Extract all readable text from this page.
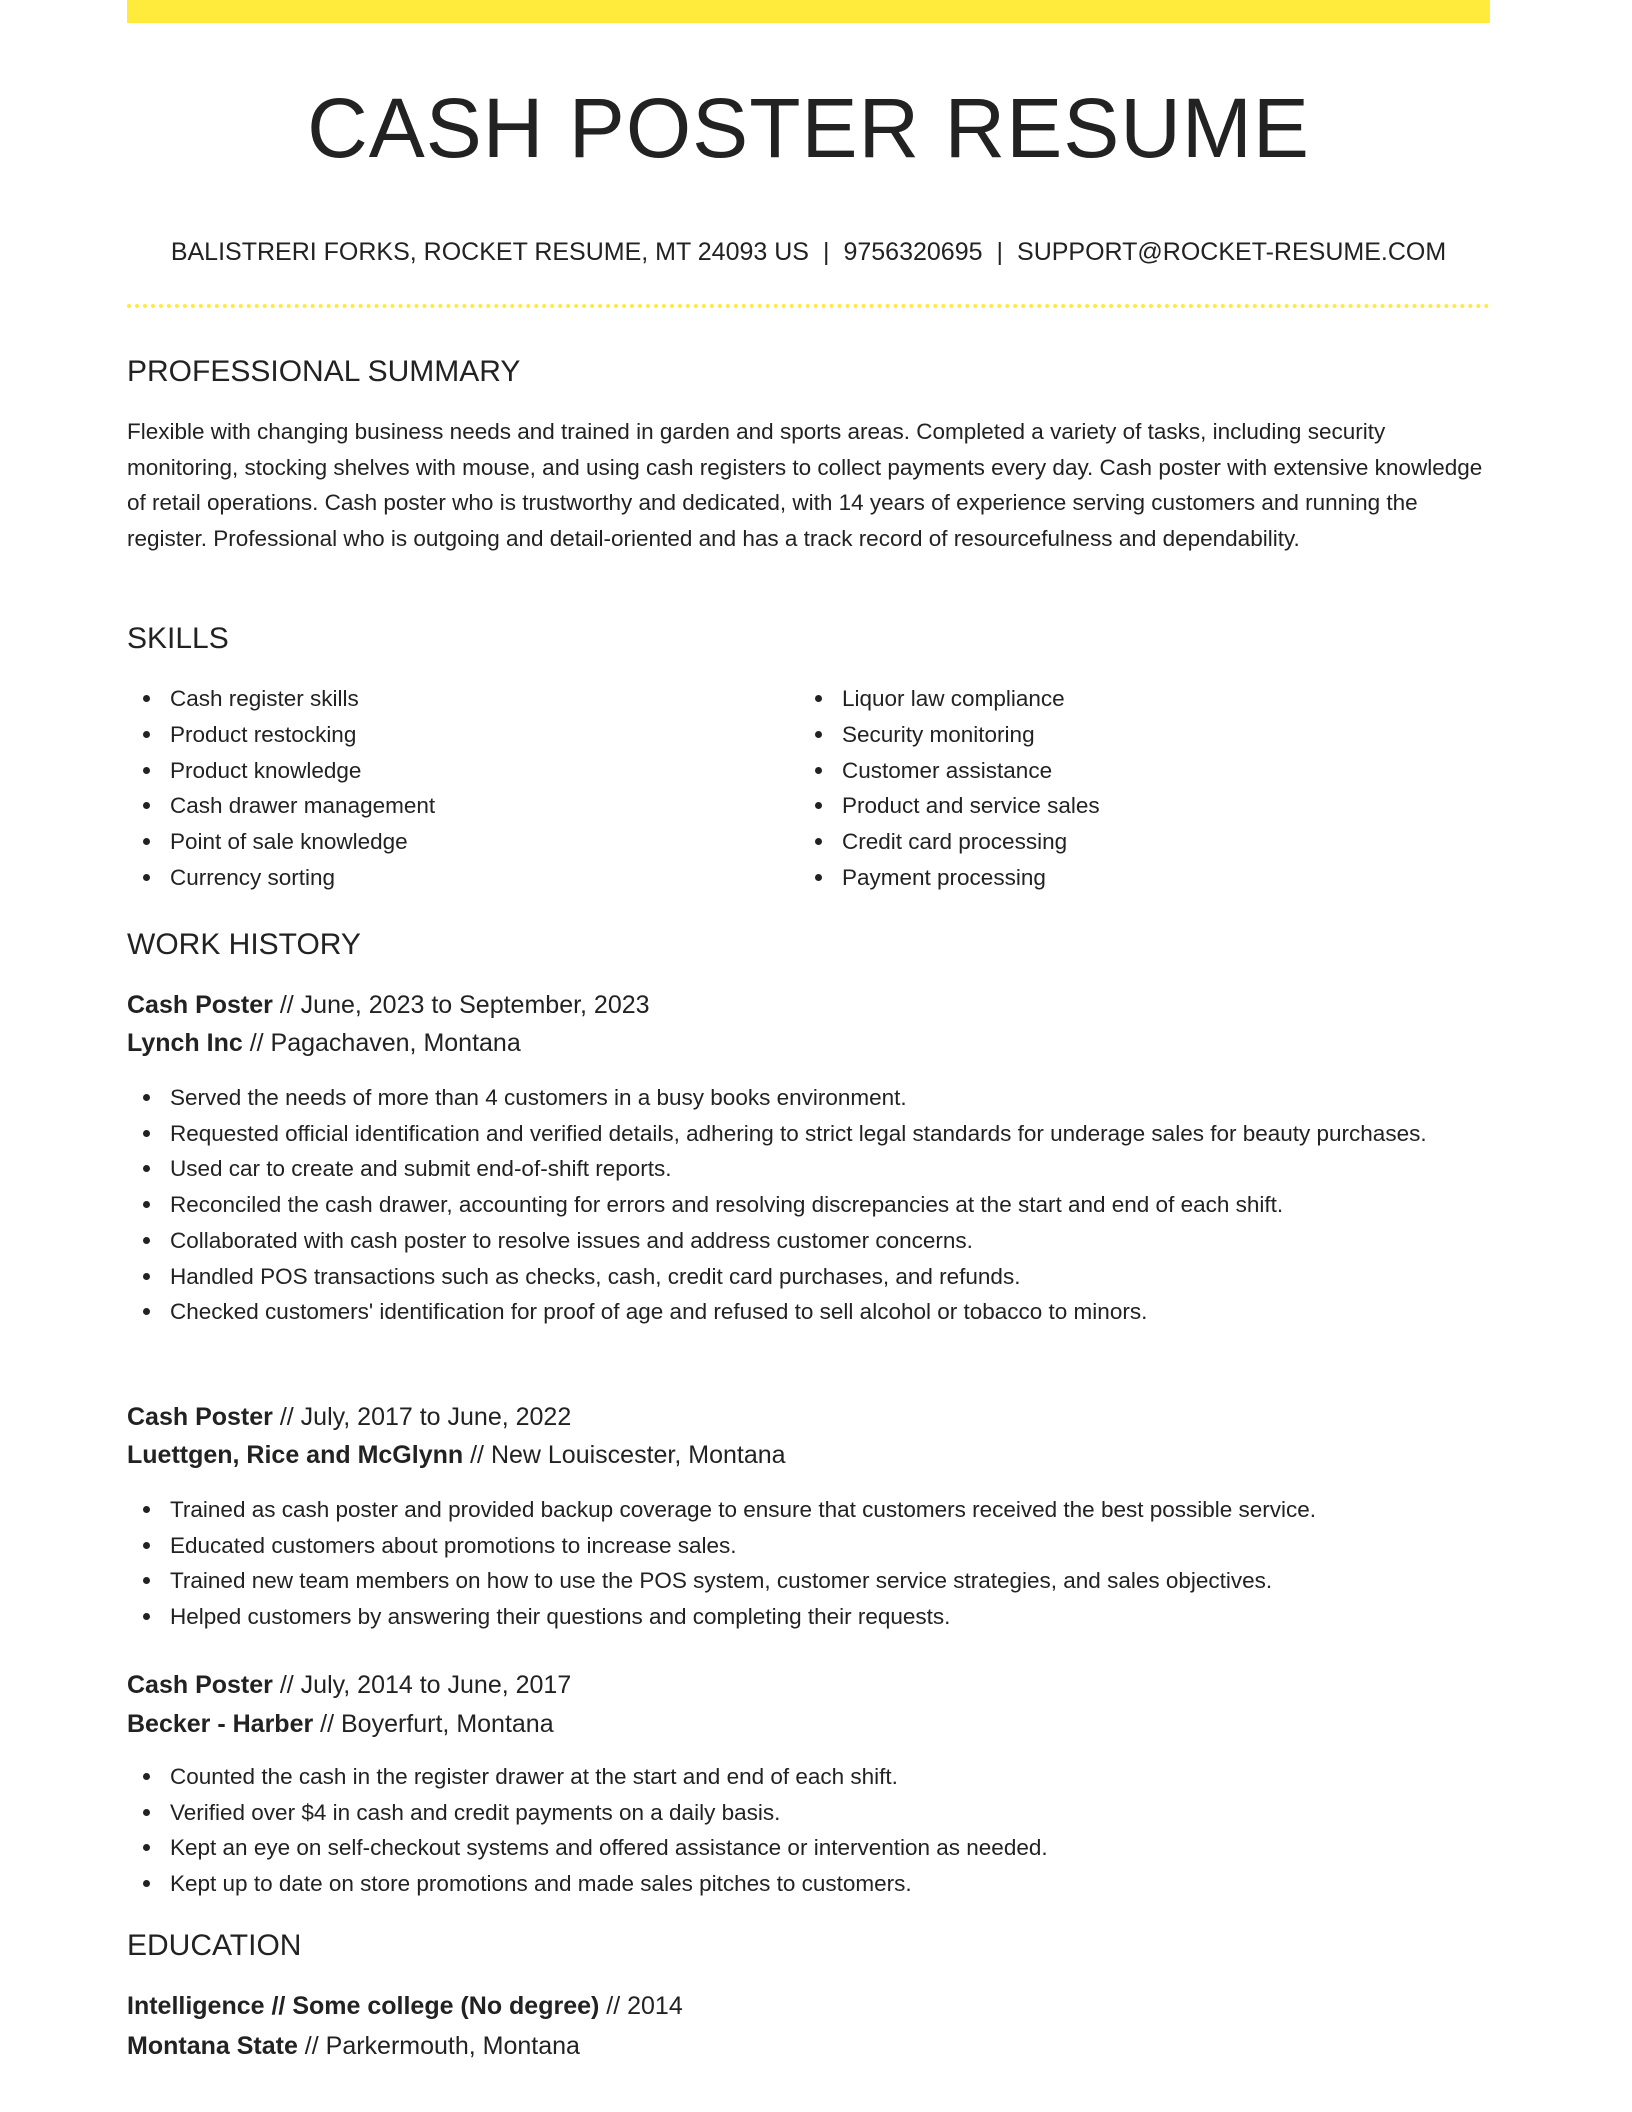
CASH POSTER RESUME
BALISTRERI FORKS, ROCKET RESUME, MT 24093 US | 9756320695 | SUPPORT@ROCKET-RESUME.COM
PROFESSIONAL SUMMARY

Flexible with changing business needs and trained in garden and sports areas. Completed a variety of tasks, including security monitoring, stocking shelves with mouse, and using cash registers to collect payments every day. Cash poster with extensive knowledge of retail operations. Cash poster who is trustworthy and dedicated, with 14 years of experience serving customers and running the register. Professional who is outgoing and detail-oriented and has a track record of resourcefulness and dependability.

SKILLS
Cash register skills
Product restocking
Product knowledge
Cash drawer management
Point of sale knowledge
Currency sorting
Liquor law compliance
Security monitoring
Customer assistance
Product and service sales
Credit card processing
Payment processing
WORK HISTORY
Cash Poster // June, 2023 to September, 2023
Lynch Inc // Pagachaven, Montana
Served the needs of more than 4 customers in a busy books environment.
Requested official identification and verified details, adhering to strict legal standards for underage sales for beauty purchases.
Used car to create and submit end-of-shift reports.
Reconciled the cash drawer, accounting for errors and resolving discrepancies at the start and end of each shift.
Collaborated with cash poster to resolve issues and address customer concerns.
Handled POS transactions such as checks, cash, credit card purchases, and refunds.
Checked customers' identification for proof of age and refused to sell alcohol or tobacco to minors.
Cash Poster // July, 2017 to June, 2022
Luettgen, Rice and McGlynn // New Louiscester, Montana
Trained as cash poster and provided backup coverage to ensure that customers received the best possible service.
Educated customers about promotions to increase sales.
Trained new team members on how to use the POS system, customer service strategies, and sales objectives.
Helped customers by answering their questions and completing their requests.
Cash Poster // July, 2014 to June, 2017
Becker - Harber // Boyerfurt, Montana
Counted the cash in the register drawer at the start and end of each shift.
Verified over $4 in cash and credit payments on a daily basis.
Kept an eye on self-checkout systems and offered assistance or intervention as needed.
Kept up to date on store promotions and made sales pitches to customers.
EDUCATION
Intelligence // Some college (No degree) // 2014
Montana State // Parkermouth, Montana
